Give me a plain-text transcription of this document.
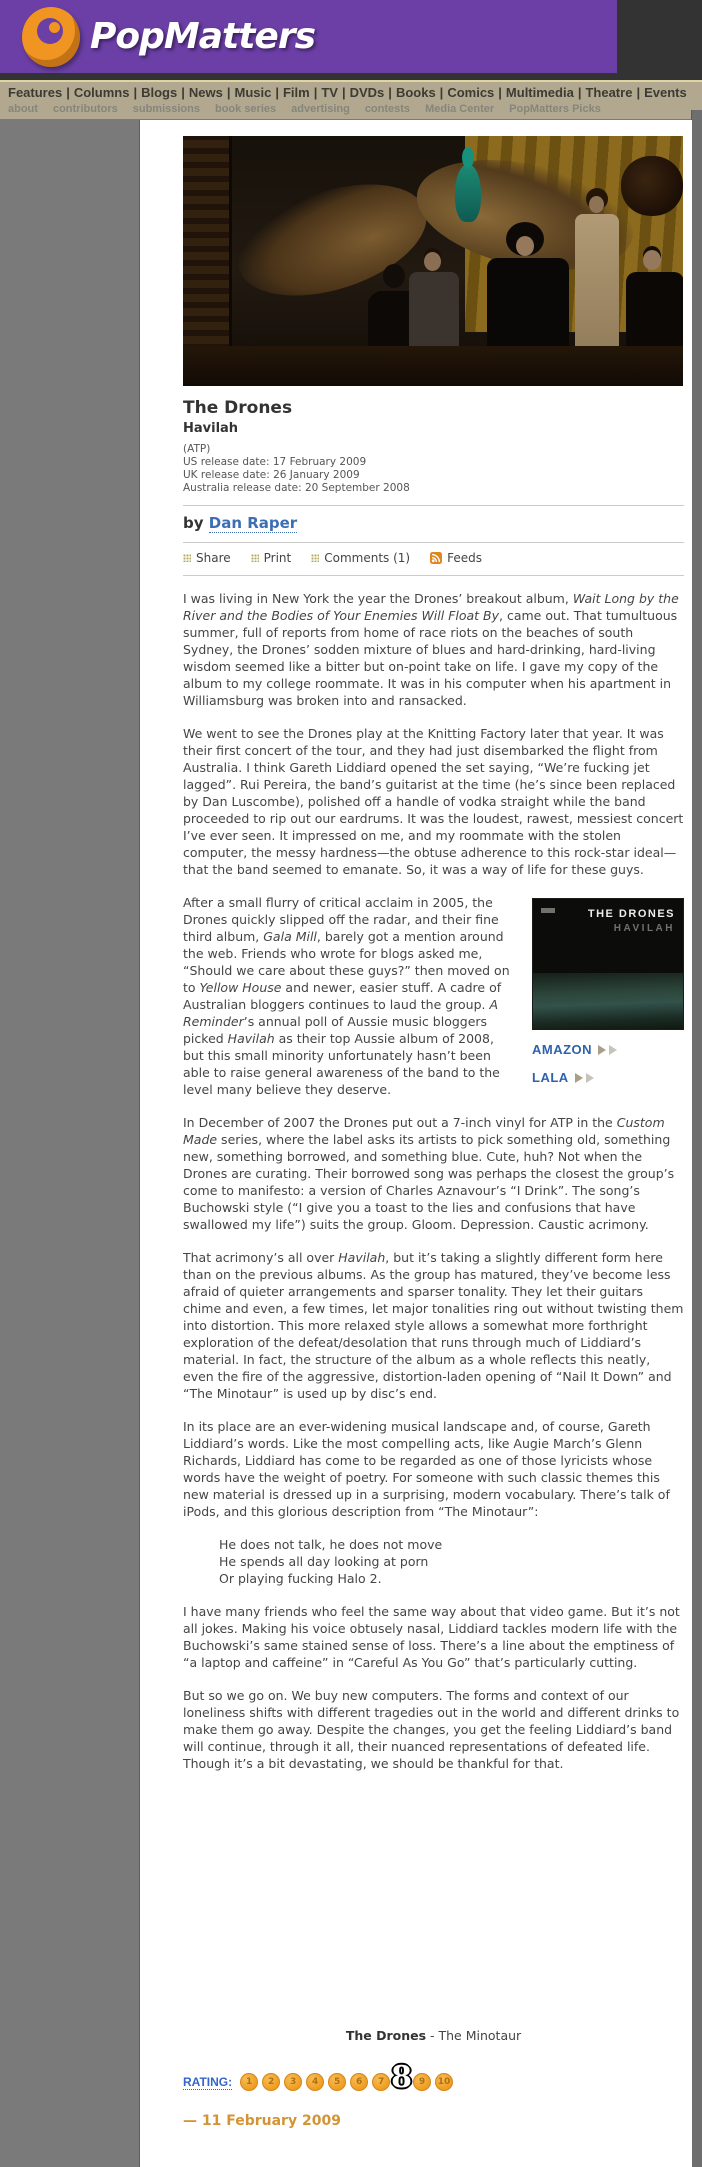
PopMatters
Features | Columns | Blogs | News | Music | Film | TV | DVDs | Books | Comics | Multimedia | Theatre | Events
about contributors submissions book series advertising contests Media Center PopMatters Picks
The Drones
Havilah
(ATP)
US release date: 17 February 2009
UK release date: 26 January 2009
Australia release date: 20 September 2008
by Dan Raper
Share	Print	Comments (1)	Feeds

I was living in New York the year the Drones’ breakout album, Wait Long by the River and the Bodies of Your Enemies Will Float By, came out. That tumultuous summer, full of reports from home of race riots on the beaches of south Sydney, the Drones’ sodden mixture of blues and hard-drinking, hard-living wisdom seemed like a bitter but on-point take on life. I gave my copy of the album to my college roommate. It was in his computer when his apartment in Williamsburg was broken into and ransacked.

We went to see the Drones play at the Knitting Factory later that year. It was their first concert of the tour, and they had just disembarked the flight from Australia. I think Gareth Liddiard opened the set saying, “We’re fucking jet lagged”. Rui Pereira, the band’s guitarist at the time (he’s since been replaced by Dan Luscombe), polished off a handle of vodka straight while the band proceeded to rip out our eardrums. It was the loudest, rawest, messiest concert I’ve ever seen. It impressed on me, and my roommate with the stolen computer, the messy hardness—the obtuse adherence to this rock-star ideal—that the band seemed to emanate. So, it was a way of life for these guys.

THE DRONES
HAVILAH
AMAZON
LALA

After a small flurry of critical acclaim in 2005, the Drones quickly slipped off the radar, and their fine third album, Gala Mill, barely got a mention around the web. Friends who wrote for blogs asked me, “Should we care about these guys?” then moved on to Yellow House and newer, easier stuff. A cadre of Australian bloggers continues to laud the group. A Reminder’s annual poll of Aussie music bloggers picked Havilah as their top Aussie album of 2008, but this small minority unfortunately hasn’t been able to raise general awareness of the band to the level many believe they deserve.

In December of 2007 the Drones put out a 7-inch vinyl for ATP in the Custom Made series, where the label asks its artists to pick something old, something new, something borrowed, and something blue. Cute, huh? Not when the Drones are curating. Their borrowed song was perhaps the closest the group’s come to manifesto: a version of Charles Aznavour’s “I Drink”. The song’s Buchowski style (“I give you a toast to the lies and confusions that have swallowed my life”) suits the group. Gloom. Depression. Caustic acrimony.

That acrimony’s all over Havilah, but it’s taking a slightly different form here than on the previous albums. As the group has matured, they’ve become less afraid of quieter arrangements and sparser tonality. They let their guitars chime and even, a few times, let major tonalities ring out without twisting them into distortion. This more relaxed style allows a somewhat more forthright exploration of the defeat/desolation that runs through much of Liddiard’s material. In fact, the structure of the album as a whole reflects this neatly, even the fire of the aggressive, distortion-laden opening of “Nail It Down” and “The Minotaur” is used up by disc’s end.

In its place are an ever-widening musical landscape and, of course, Gareth Liddiard’s words. Like the most compelling acts, like Augie March’s Glenn Richards, Liddiard has come to be regarded as one of those lyricists whose words have the weight of poetry. For someone with such classic themes this new material is dressed up in a surprising, modern vocabulary. There’s talk of iPods, and this glorious description from “The Minotaur”:

He does not talk, he does not move
He spends all day looking at porn
Or playing fucking Halo 2.

I have many friends who feel the same way about that video game. But it’s not all jokes. Making his voice obtusely nasal, Liddiard tackles modern life with the Buchowski’s same stained sense of loss. There’s a line about the emptiness of “a laptop and caffeine” in “Careful As You Go” that’s particularly cutting.

But so we go on. We buy new computers. The forms and context of our loneliness shifts with different tragedies out in the world and different drinks to make them go away. Despite the changes, you get the feeling Liddiard’s band will continue, through it all, their nuanced representations of defeated life. Though it’s a bit devastating, we should be thankful for that.

The Drones - The Minotaur
RATING:	1	2	3	4	5	6	7 8 9	10
— 11 February 2009
